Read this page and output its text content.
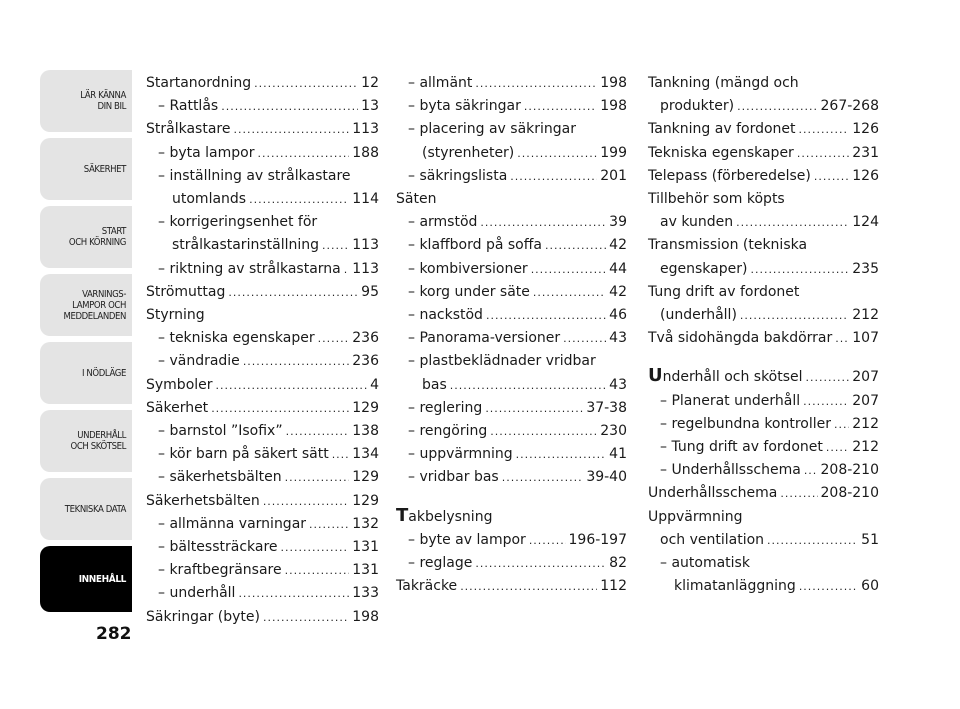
LÄR KÄNNA
DIN BIL
SÄKERHET
START
OCH KÖRNING
VARNINGS-
LAMPOR OCH
MEDDELANDEN
I NÖDLÄGE
UNDERHÅLL
OCH SKÖTSEL
TEKNISKA DATA
INNEHÅLL
282
Startanordning .....	12
– Rattlås .....	13
Strålkastare .....	113
– byta lampor .....	188
– inställning av strålkastare
utomlands .....	114
– korrigeringsenhet för
strålkastarinställning ..... 113
– riktning av strålkastarna ..... 113
Strömuttag .....	95
Styrning
– tekniska egenskaper .....	236
– vändradie .....	236
Symboler .....	4
Säkerhet .....	129
– barnstol ”Isofix” .....	138
– kör barn på säkert sätt ..... 134
– säkerhetsbälten .....	129
Säkerhetsbälten .....	129
– allmänna varningar .....	132
– bältessträckare .....	131
– kraftbegränsare .....	131
– underhåll .....	133
Säkringar (byte) .....	198
– allmänt .....	198
– byta säkringar .....	198
– placering av säkringar
(styrenheter) .....	199
– säkringslista .....	201
Säten
– armstöd .....	39
– klaffbord på soffa .....	42
– kombiversioner .....	44
– korg under säte .....	42
– nackstöd .....	46
– Panorama-versioner .....	43
– plastbeklädnader vridbar
bas .....	43
– reglering .....	37-38
– rengöring .....	230
– uppvärmning .....	41
– vridbar bas .....	39-40
Takbelysning
– byte av lampor .....	196-197
– reglage .....	82
Takräcke .....	112
Tankning (mängd och
produkter) .....	267-268
Tankning av fordonet .....	126
Tekniska egenskaper .....	231
Telepass (förberedelse) .....	126
Tillbehör som köpts
av kunden .....	124
Transmission (tekniska
egenskaper) .....	235
Tung drift av fordonet
(underhåll) .....	212
Två sidohängda bakdörrar ..... 107
Underhåll och skötsel .....	207
– Planerat underhåll .....	207
– regelbundna kontroller ..... 212
– Tung drift av fordonet ..... 212
– Underhållsschema ..... 208-210
Underhållsschema .....	208-210
Uppvärmning
och ventilation .....	51
– automatisk
klimatanläggning .....	60
